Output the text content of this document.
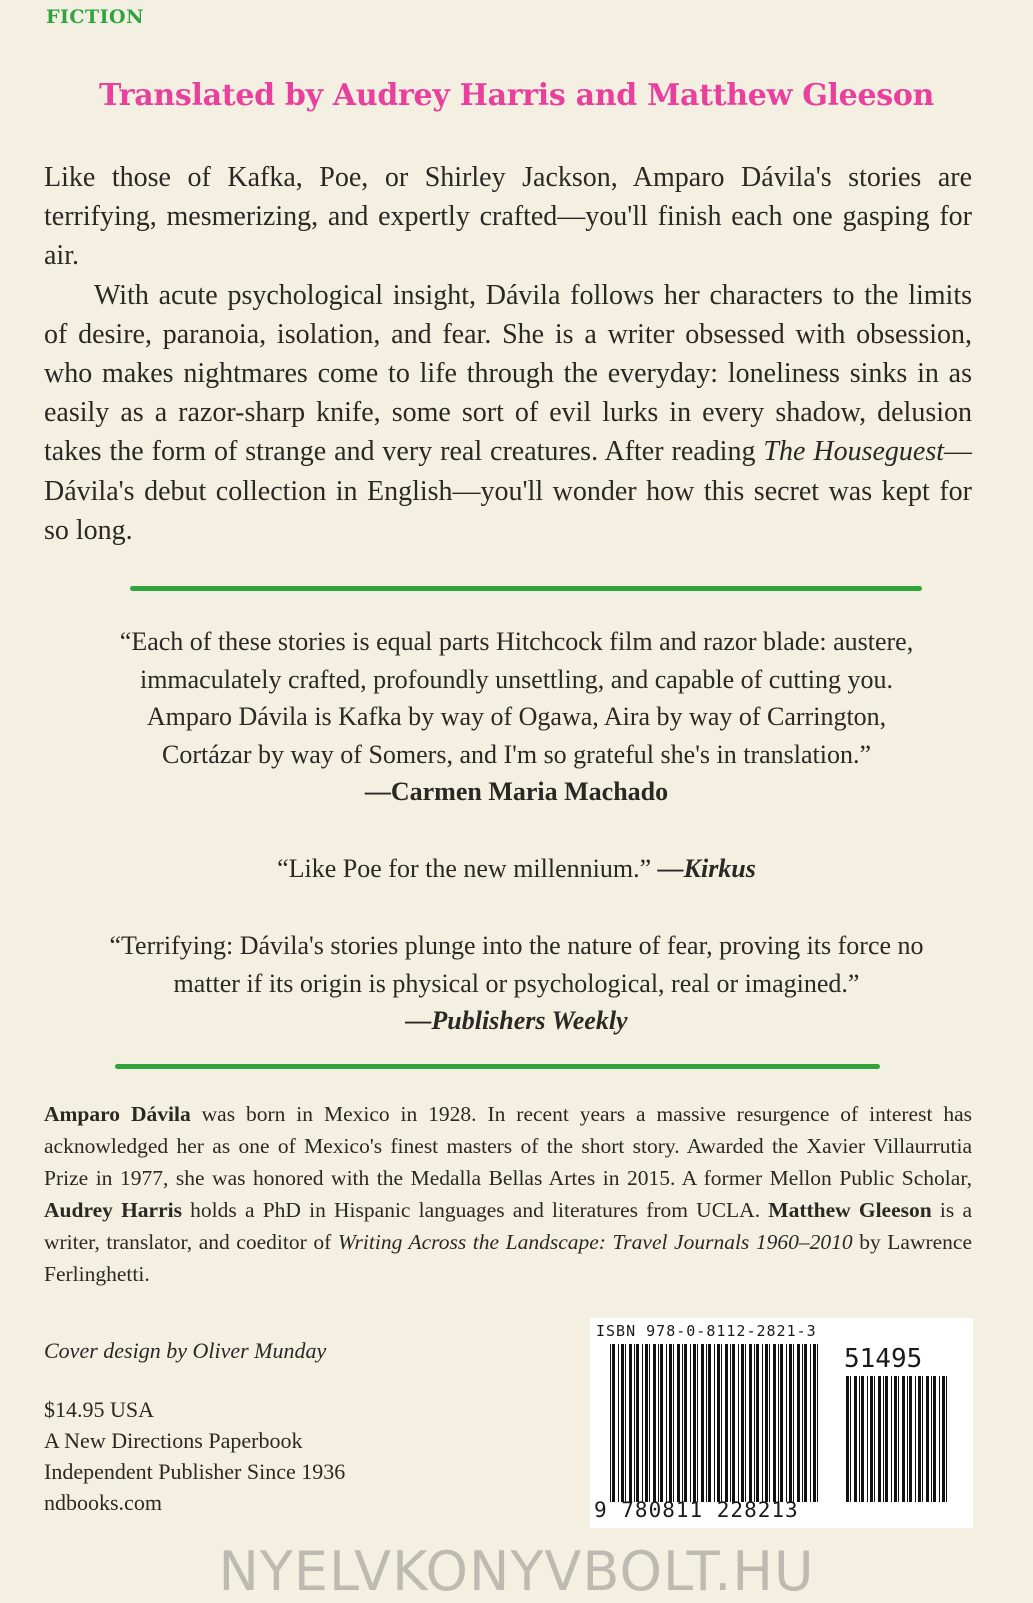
FICTION
Translated by Audrey Harris and Matthew Gleeson

Like those of Kafka, Poe, or Shirley Jackson, Amparo Dávila's stories are terrifying, mesmerizing, and expertly crafted—you'll finish each one gasping for air.

With acute psychological insight, Dávila follows her characters to the limits of desire, paranoia, isolation, and fear. She is a writer obsessed with obsession, who makes nightmares come to life through the everyday: loneliness sinks in as easily as a razor-sharp knife, some sort of evil lurks in every shadow, delusion takes the form of strange and very real creatures. After reading The Houseguest—Dávila's debut collection in English—you'll wonder how this secret was kept for so long.

“Each of these stories is equal parts Hitchcock film and razor blade: austere,
immaculately crafted, profoundly unsettling, and capable of cutting you.
Amparo Dávila is Kafka by way of Ogawa, Aira by way of Carrington,
Cortázar by way of Somers, and I'm so grateful she's in translation.”
—Carmen Maria Machado
“Like Poe for the new millennium.” —Kirkus
“Terrifying: Dávila's stories plunge into the nature of fear, proving its force no
matter if its origin is physical or psychological, real or imagined.”
—Publishers Weekly
Amparo Dávila was born in Mexico in 1928. In recent years a massive resurgence of interest has acknowledged her as one of Mexico's finest masters of the short story. Awarded the Xavier Villaurrutia Prize in 1977, she was honored with the Medalla Bellas Artes in 2015. A former Mellon Public Scholar, Audrey Harris holds a PhD in Hispanic languages and literatures from UCLA. Matthew Gleeson is a writer, translator, and coeditor of Writing Across the Landscape: Travel Journals 1960–2010 by Lawrence Ferlinghetti.
Cover design by Oliver Munday
$14.95 USA
A New Directions Paperbook
Independent Publisher Since 1936
ndbooks.com
ISBN 978-0-8112-2821-3
51495
9 780811 228213
NYELVKONYVBOLT.HU
